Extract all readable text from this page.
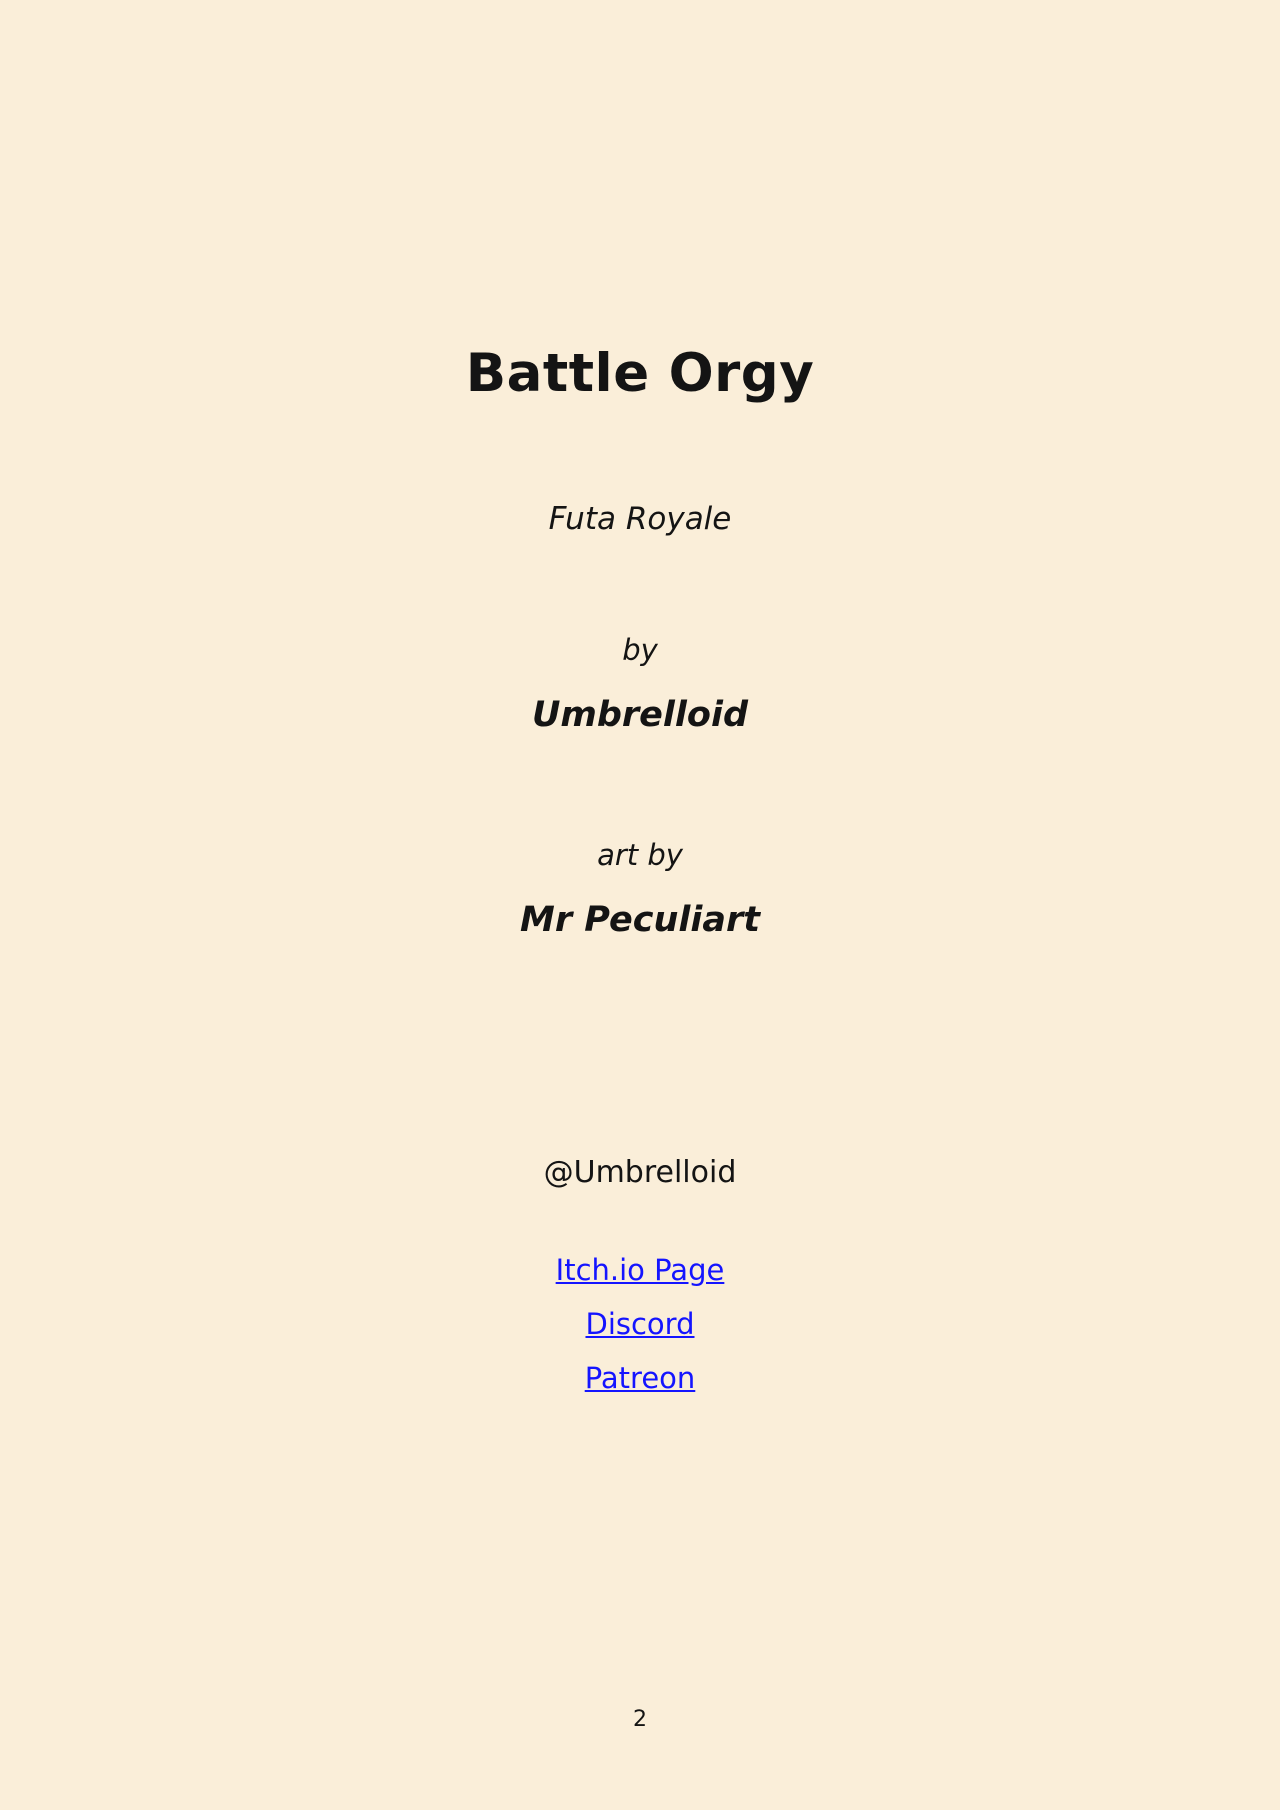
Battle Orgy
Futa Royale
by
Umbrelloid
art by
Mr Peculiart
@Umbrelloid
Itch.io Page
Discord
Patreon
2
